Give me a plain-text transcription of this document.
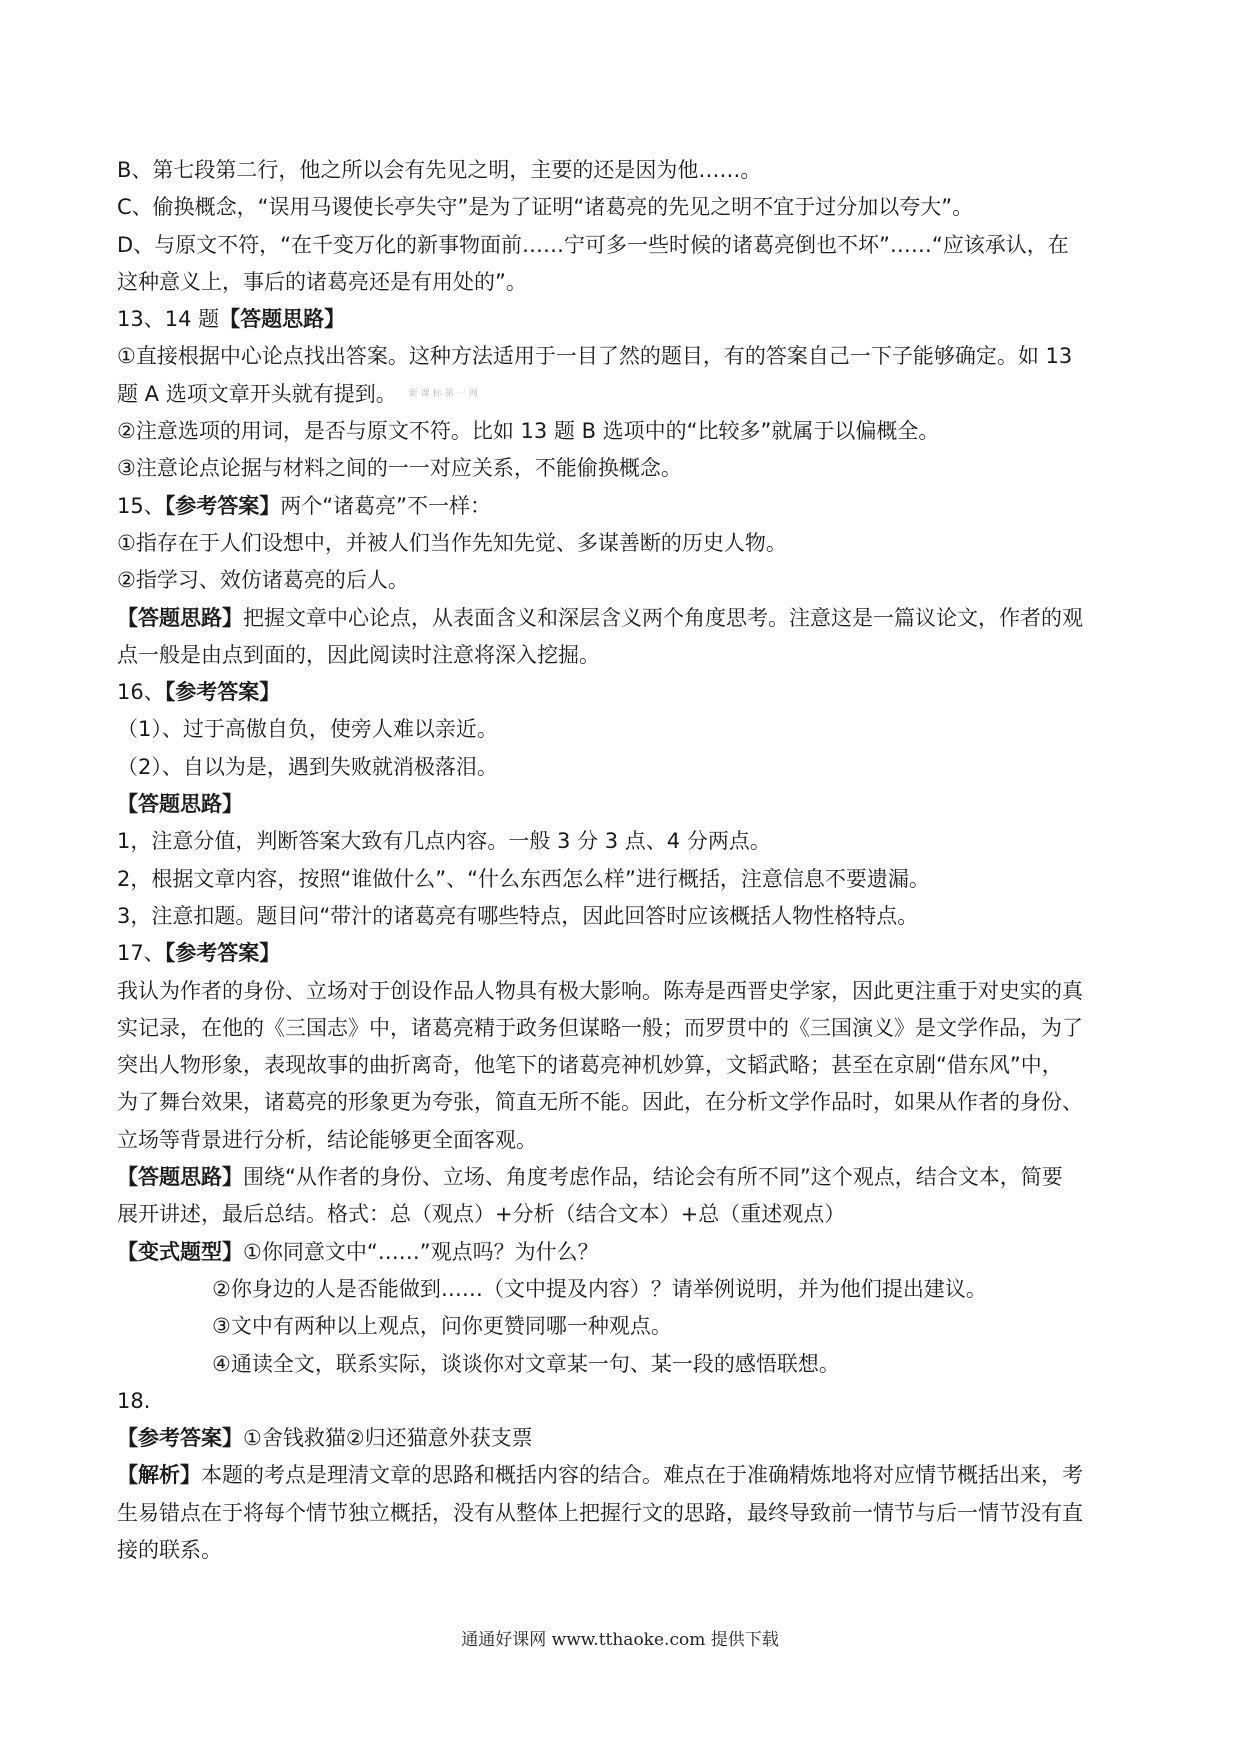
B、第七段第二行，他之所以会有先见之明，主要的还是因为他……。
C、偷换概念，“误用马谡使长亭失守”是为了证明“诸葛亮的先见之明不宜于过分加以夸大”。
D、与原文不符，“在千变万化的新事物面前……宁可多一些时候的诸葛亮倒也不坏”……“应该承认，在
这种意义上，事后的诸葛亮还是有用处的”。
13、14 题【答题思路】
①直接根据中心论点找出答案。这种方法适用于一目了然的题目，有的答案自己一下子能够确定。如 13
题 A 选项文章开头就有提到。 新课标第一网
②注意选项的用词，是否与原文不符。比如 13 题 B 选项中的“比较多”就属于以偏概全。
③注意论点论据与材料之间的一一对应关系，不能偷换概念。
15、【参考答案】两个“诸葛亮”不一样：
①指存在于人们设想中，并被人们当作先知先觉、多谋善断的历史人物。
②指学习、效仿诸葛亮的后人。
【答题思路】把握文章中心论点，从表面含义和深层含义两个角度思考。注意这是一篇议论文，作者的观
点一般是由点到面的，因此阅读时注意将深入挖掘。
16、【参考答案】
（1）、过于高傲自负，使旁人难以亲近。
（2）、自以为是，遇到失败就消极落泪。
【答题思路】
1，注意分值，判断答案大致有几点内容。一般 3 分 3 点、4 分两点。
2，根据文章内容，按照“谁做什么”、“什么东西怎么样”进行概括，注意信息不要遗漏。
3，注意扣题。题目问“带汁的诸葛亮有哪些特点，因此回答时应该概括人物性格特点。
17、【参考答案】
我认为作者的身份、立场对于创设作品人物具有极大影响。陈寿是西晋史学家，因此更注重于对史实的真
实记录，在他的《三国志》中，诸葛亮精于政务但谋略一般；而罗贯中的《三国演义》是文学作品，为了
突出人物形象，表现故事的曲折离奇，他笔下的诸葛亮神机妙算，文韬武略；甚至在京剧“借东风”中，
为了舞台效果，诸葛亮的形象更为夸张，简直无所不能。因此，在分析文学作品时，如果从作者的身份、
立场等背景进行分析，结论能够更全面客观。
【答题思路】围绕“从作者的身份、立场、角度考虑作品，结论会有所不同”这个观点，结合文本，简要
展开讲述，最后总结。格式：总（观点）+分析（结合文本）+总（重述观点）
【变式题型】①你同意文中“……”观点吗？为什么？
②你身边的人是否能做到……（文中提及内容）？请举例说明，并为他们提出建议。
③文中有两种以上观点，问你更赞同哪一种观点。
④通读全文，联系实际，谈谈你对文章某一句、某一段的感悟联想。
18.
【参考答案】①舍钱救猫②归还猫意外获支票
【解析】本题的考点是理清文章的思路和概括内容的结合。难点在于准确精炼地将对应情节概括出来，考
生易错点在于将每个情节独立概括，没有从整体上把握行文的思路，最终导致前一情节与后一情节没有直
接的联系。
通通好课网 www.tthaoke.com 提供下载
